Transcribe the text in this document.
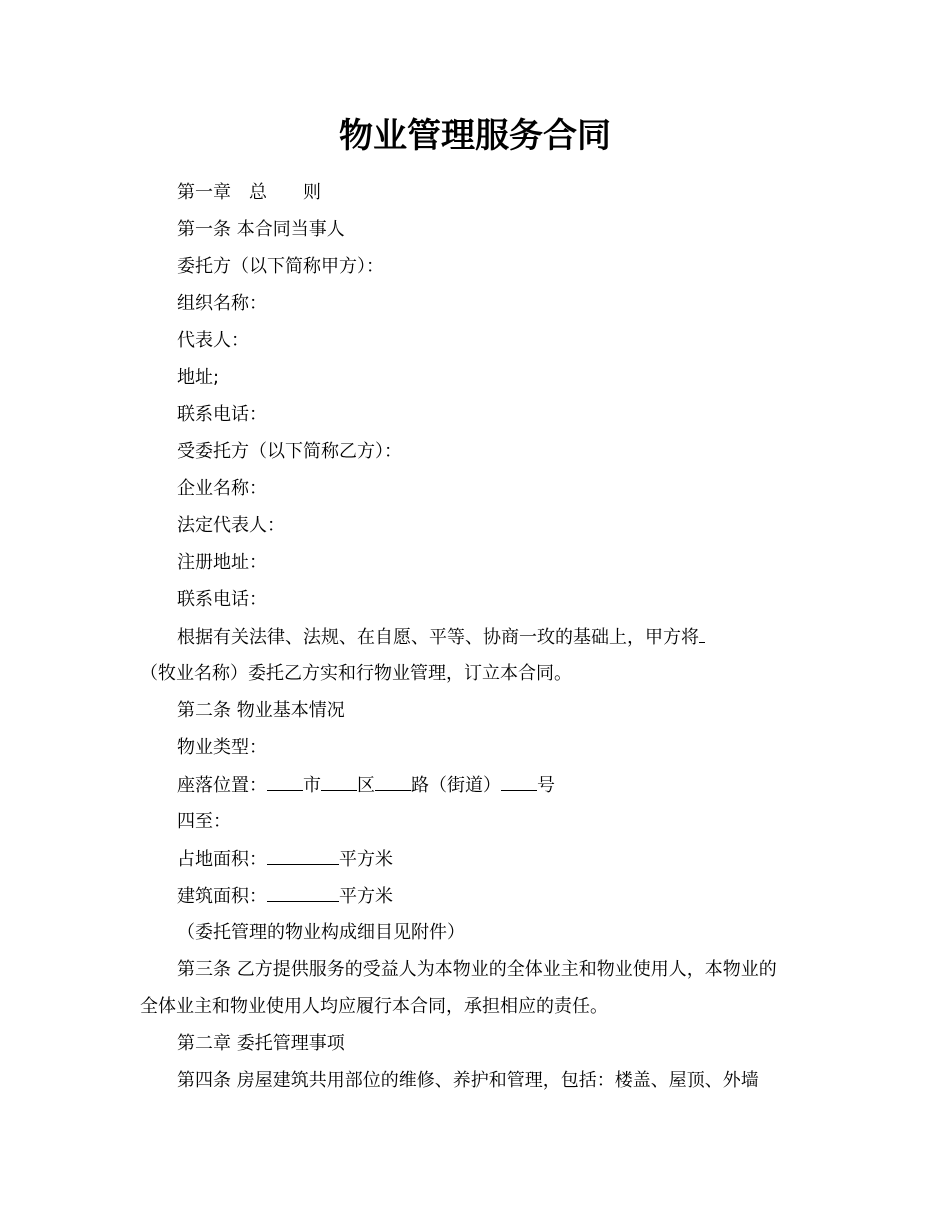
物业管理服务合同

第一章　总　　则

第一条 本合同当事人

委托方（以下简称甲方）：

组织名称：

代表人：

地址;

联系电话：

受委托方（以下简称乙方）：

企业名称：

法定代表人：

注册地址：

联系电话：

根据有关法律、法规、在自愿、平等、协商一玫的基础上，甲方将

（牧业名称）委托乙方实和行物业管理，订立本合同。

第二条 物业基本情况

物业类型：

座落位置： 市 区 路（街道） 号

四至：

占地面积：	平方米

建筑面积：	平方米

（委托管理的物业构成细目见附件）

第三条 乙方提供服务的受益人为本物业的全体业主和物业使用人，本物业的

全体业主和物业使用人均应履行本合同，承担相应的责任。

第二章 委托管理事项

第四条 房屋建筑共用部位的维修、养护和管理，包括：楼盖、屋顶、外墙
